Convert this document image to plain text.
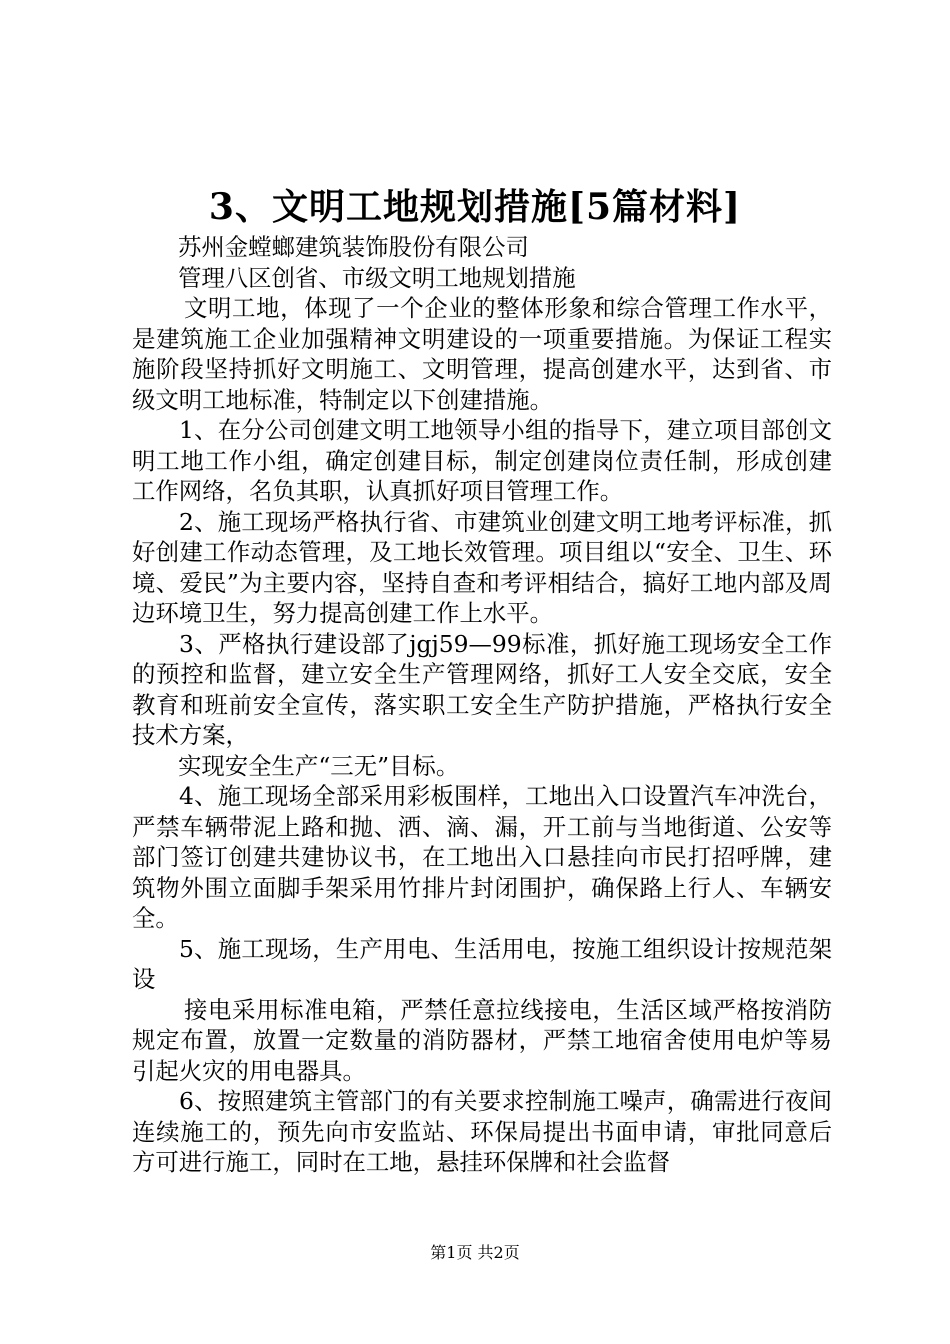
3、文明工地规划措施[5篇材料]

苏州金螳螂建筑装饰股份有限公司

管理八区创省、市级文明工地规划措施

文明工地，体现了一个企业的整体形象和综合管理工作水平，是建筑施工企业加强精神文明建设的一项重要措施。为保证工程实施阶段坚持抓好文明施工、文明管理，提高创建水平，达到省、市级文明工地标准，特制定以下创建措施。

1、在分公司创建文明工地领导小组的指导下，建立项目部创文明工地工作小组，确定创建目标，制定创建岗位责任制，形成创建工作网络，名负其职，认真抓好项目管理工作。

2、施工现场严格执行省、市建筑业创建文明工地考评标准，抓好创建工作动态管理，及工地长效管理。项目组以“安全、卫生、环境、爱民”为主要内容，坚持自查和考评相结合，搞好工地内部及周边环境卫生，努力提高创建工作上水平。

3、严格执行建设部了jgj59—99标准，抓好施工现场安全工作的预控和监督，建立安全生产管理网络，抓好工人安全交底，安全教育和班前安全宣传，落实职工安全生产防护措施，严格执行安全技术方案，

实现安全生产“三无”目标。

4、施工现场全部采用彩板围样，工地出入口设置汽车冲洗台，严禁车辆带泥上路和抛、洒、滴、漏，开工前与当地街道、公安等部门签订创建共建协议书，在工地出入口悬挂向市民打招呼牌，建筑物外围立面脚手架采用竹排片封闭围护，确保路上行人、车辆安全。

5、施工现场，生产用电、生活用电，按施工组织设计按规范架设

接电采用标准电箱，严禁任意拉线接电，生活区域严格按消防规定布置，放置一定数量的消防器材，严禁工地宿舍使用电炉等易引起火灾的用电器具。

6、按照建筑主管部门的有关要求控制施工噪声，确需进行夜间连续施工的，预先向市安监站、环保局提出书面申请，审批同意后方可进行施工，同时在工地，悬挂环保牌和社会监督

第1页 共2页
